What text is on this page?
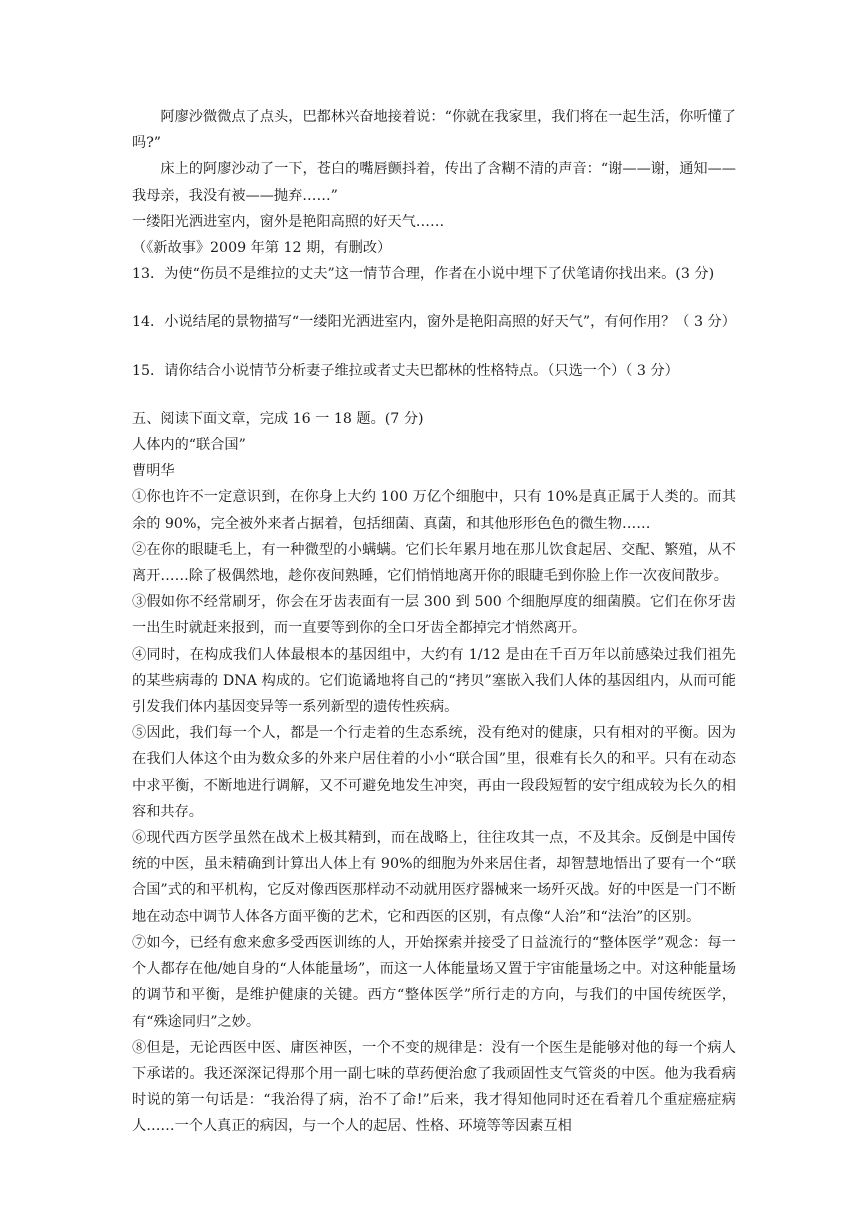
阿廖沙微微点了点头，巴都林兴奋地接着说：“你就在我家里，我们将在一起生活，你听懂了吗?”

床上的阿廖沙动了一下，苍白的嘴唇颤抖着，传出了含糊不清的声音：“谢——谢，通知——我母亲，我没有被——抛弃……”

一缕阳光洒进室内，窗外是艳阳高照的好天气……

（《新故事》2009 年第 12 期，有删改）

13．为使“伤员不是维拉的丈夫”这一情节合理，作者在小说中埋下了伏笔请你找出来。(3 分)

14．小说结尾的景物描写“一缕阳光洒进室内，窗外是艳阳高照的好天气”，有何作用？（ 3 分）

15．请你结合小说情节分析妻子维拉或者丈夫巴都林的性格特点。（只选一个）（ 3 分）

五、阅读下面文章，完成 16 一 18 题。(7 分)

人体内的“联合国”

曹明华

①你也许不一定意识到，在你身上大约 100 万亿个细胞中，只有 10%是真正属于人类的。而其余的 90%，完全被外来者占据着，包括细菌、真菌，和其他形形色色的微生物……

②在你的眼睫毛上，有一种微型的小螨螨。它们长年累月地在那儿饮食起居、交配、繁殖，从不离开……除了极偶然地，趁你夜间熟睡，它们悄悄地离开你的眼睫毛到你脸上作一次夜间散步。

③假如你不经常刷牙，你会在牙齿表面有一层 300 到 500 个细胞厚度的细菌膜。它们在你牙齿一出生时就赶来报到，而一直要等到你的全口牙齿全都掉完才悄然离开。

④同时，在构成我们人体最根本的基因组中，大约有 1/12 是由在千百万年以前感染过我们祖先的某些病毒的 DNA 构成的。它们诡谲地将自己的“拷贝”塞嵌入我们人体的基因组内，从而可能引发我们体内基因变异等一系列新型的遗传性疾病。

⑤因此，我们每一个人，都是一个行走着的生态系统，没有绝对的健康，只有相对的平衡。因为在我们人体这个由为数众多的外来户居住着的小小“联合国”里，很难有长久的和平。只有在动态中求平衡，不断地进行调解，又不可避免地发生冲突，再由一段段短暂的安宁组成较为长久的相容和共存。

⑥现代西方医学虽然在战术上极其精到，而在战略上，往往攻其一点，不及其余。反倒是中国传统的中医，虽未精确到计算出人体上有 90%的细胞为外来居住者，却智慧地悟出了要有一个“联合国”式的和平机构，它反对像西医那样动不动就用医疗器械来一场歼灭战。好的中医是一门不断地在动态中调节人体各方面平衡的艺术，它和西医的区别，有点像“人治”和“法治”的区别。

⑦如今，已经有愈来愈多受西医训练的人，开始探索并接受了日益流行的“整体医学”观念：每一个人都存在他/她自身的“人体能量场”，而这一人体能量场又置于宇宙能量场之中。对这种能量场的调节和平衡，是维护健康的关键。西方“整体医学”所行走的方向，与我们的中国传统医学，有“殊途同归”之妙。

⑧但是，无论西医中医、庸医神医，一个不变的规律是：没有一个医生是能够对他的每一个病人下承诺的。我还深深记得那个用一副七味的草药便治愈了我顽固性支气管炎的中医。他为我看病时说的第一句话是：“我治得了病，治不了命!”后来，我才得知他同时还在看着几个重症癌症病人……一个人真正的病因，与一个人的起居、性格、环境等等因素互相
